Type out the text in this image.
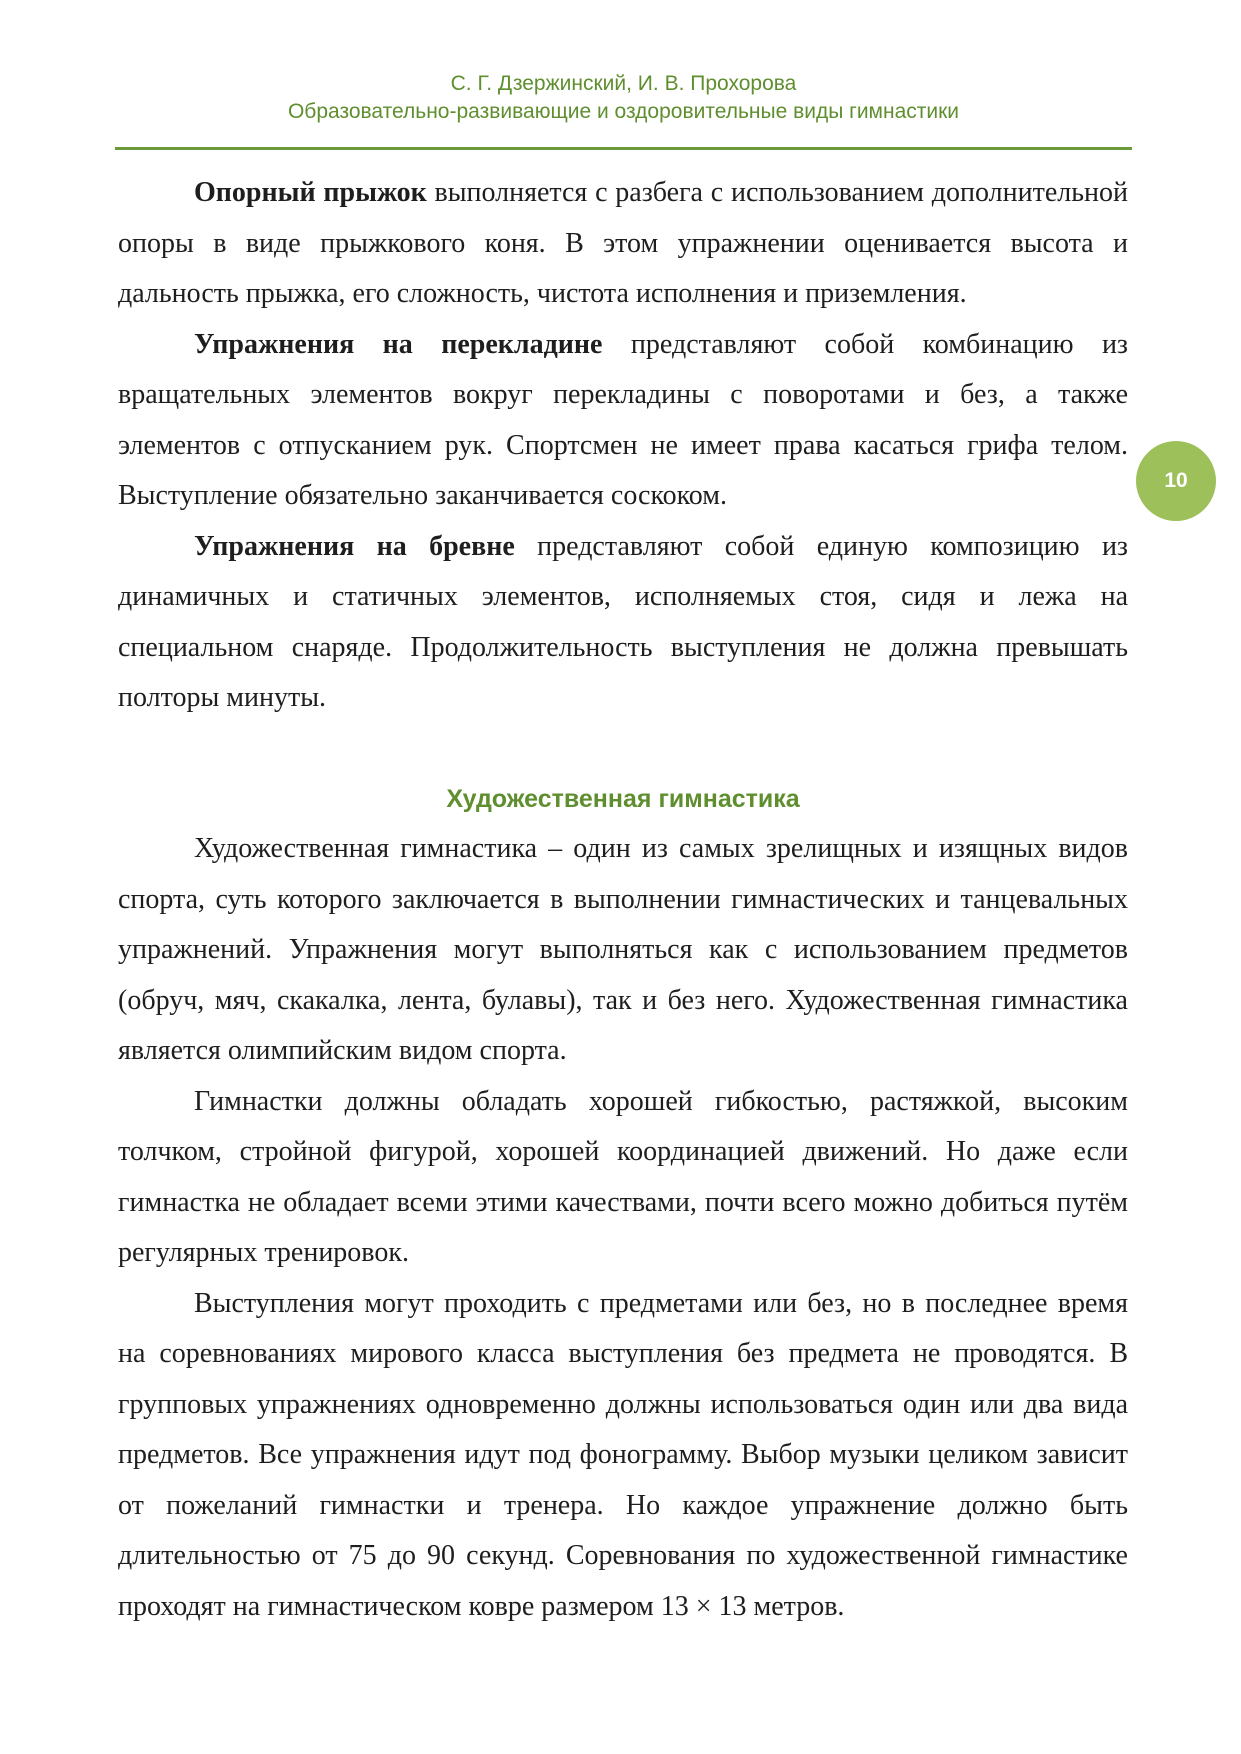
С. Г. Дзержинский, И. В. Прохорова
Образовательно-развивающие и оздоровительные виды гимнастики
10

Опорный прыжок выполняется с разбега с использованием дополнительной опоры в виде прыжкового коня. В этом упражнении оценивается высота и дальность прыжка, его сложность, чистота исполнения и приземления.

Упражнения на перекладине представляют собой комбинацию из вращательных элементов вокруг перекладины с поворотами и без, а также элементов с отпусканием рук. Спортсмен не имеет права касаться грифа телом. Выступление обязательно заканчивается соскоком.

Упражнения на бревне представляют собой единую композицию из динамичных и статичных элементов, исполняемых стоя, сидя и лежа на специальном снаряде. Продолжительность выступления не должна превышать полторы минуты.

Художественная гимнастика

Художественная гимнастика – один из самых зрелищных и изящных видов спорта, суть которого заключается в выполнении гимнастических и танцевальных упражнений. Упражнения могут выполняться как с использованием предметов (обруч, мяч, скакалка, лента, булавы), так и без него. Художественная гимнастика является олимпийским видом спорта.

Гимнастки должны обладать хорошей гибкостью, растяжкой, высоким толчком, стройной фигурой, хорошей координацией движений. Но даже если гимнастка не обладает всеми этими качествами, почти всего можно добиться путём регулярных тренировок.

Выступления могут проходить с предметами или без, но в последнее время на соревнованиях мирового класса выступления без предмета не проводятся. В групповых упражнениях одновременно должны использоваться один или два вида предметов. Все упражнения идут под фонограмму. Выбор музыки целиком зависит от пожеланий гимнастки и тренера. Но каждое упражнение должно быть длительностью от 75 до 90 секунд. Соревнования по художественной гимнастике проходят на гимнастическом ковре размером 13 × 13 метров.
